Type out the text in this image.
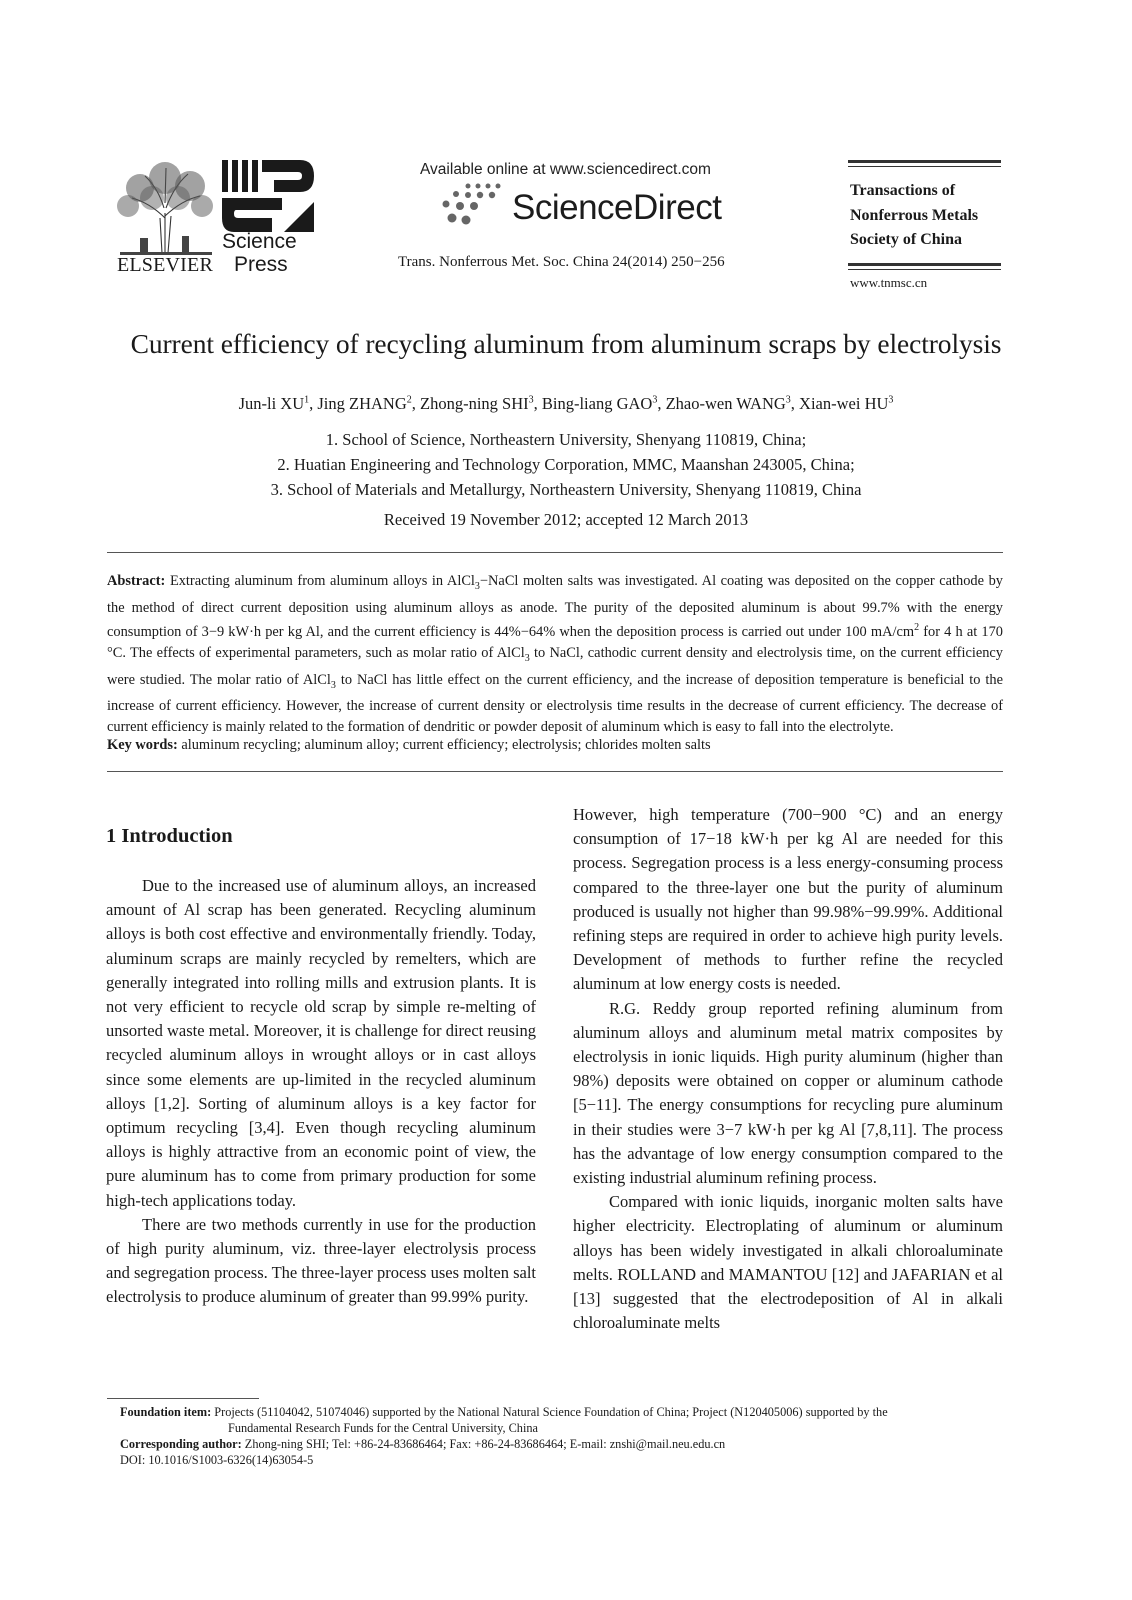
ELSEVIER
Science
Press
Available online at www.sciencedirect.com
ScienceDirect
Trans. Nonferrous Met. Soc. China 24(2014) 250−256
Transactions of
Nonferrous Metals
Society of China
www.tnmsc.cn
Current efficiency of recycling aluminum from aluminum scraps by electrolysis
Jun-li $XU^1$, Jing ZHANG$^2$, Zhong-ning SHI$^3$, Bing-liang GAO$^3$, Zhao-wen WANG$^3$, Xian-wei $HU^3$
1. School of Science, Northeastern University, Shenyang 110819, China;
2. Huatian Engineering and Technology Corporation, MMC, Maanshan 243005, China;
3. School of Materials and Metallurgy, Northeastern University, Shenyang 110819, China
Received 19 November 2012; accepted 12 March 2013
Abstract: Extracting aluminum from aluminum alloys in AlCl$_3$−NaCl molten salts was investigated. Al coating was deposited on the copper cathode by the method of direct current deposition using aluminum alloys as anode. The purity of the deposited aluminum is about 99.7% with the energy consumption of 3−9 kW·h per kg Al, and the current efficiency is 44%−64% when the deposition process is carried out under 100 $mA/cm^2$ for 4 h at 170 °C. The effects of experimental parameters, such as molar ratio of AlCl$_3$ to NaCl, cathodic current density and electrolysis time, on the current efficiency were studied. The molar ratio of AlCl$_3$ to NaCl has little effect on the current efficiency, and the increase of deposition temperature is beneficial to the increase of current efficiency. However, the increase of current density or electrolysis time results in the decrease of current efficiency. The decrease of current efficiency is mainly related to the formation of dendritic or powder deposit of aluminum which is easy to fall into the electrolyte.
Key words: aluminum recycling; aluminum alloy; current efficiency; electrolysis; chlorides molten salts
1 Introduction

Due to the increased use of aluminum alloys, an increased amount of Al scrap has been generated. Recycling aluminum alloys is both cost effective and environmentally friendly. Today, aluminum scraps are mainly recycled by remelters, which are generally integrated into rolling mills and extrusion plants. It is not very efficient to recycle old scrap by simple re-melting of unsorted waste metal. Moreover, it is challenge for direct reusing recycled aluminum alloys in wrought alloys or in cast alloys since some elements are up-limited in the recycled aluminum alloys [1,2]. Sorting of aluminum alloys is a key factor for optimum recycling [3,4]. Even though recycling aluminum alloys is highly attractive from an economic point of view, the pure aluminum has to come from primary production for some high-tech applications today.

There are two methods currently in use for the production of high purity aluminum, viz. three-layer electrolysis process and segregation process. The three-layer process uses molten salt electrolysis to produce aluminum of greater than 99.99% purity.

However, high temperature (700−900 °C) and an energy consumption of 17−18 kW·h per kg Al are needed for this process. Segregation process is a less energy-consuming process compared to the three-layer one but the purity of aluminum produced is usually not higher than 99.98%−99.99%. Additional refining steps are required in order to achieve high purity levels. Development of methods to further refine the recycled aluminum at low energy costs is needed.

R.G. Reddy group reported refining aluminum from aluminum alloys and aluminum metal matrix composites by electrolysis in ionic liquids. High purity aluminum (higher than 98%) deposits were obtained on copper or aluminum cathode [5−11]. The energy consumptions for recycling pure aluminum in their studies were 3−7 kW·h per kg Al [7,8,11]. The process has the advantage of low energy consumption compared to the existing industrial aluminum refining process.

Compared with ionic liquids, inorganic molten salts have higher electricity. Electroplating of aluminum or aluminum alloys has been widely investigated in alkali chloroaluminate melts. ROLLAND and MAMANTOU [12] and JAFARIAN et al [13] suggested that the electrodeposition of Al in alkali chloroaluminate melts

Foundation item: Projects (51104042, 51074046) supported by the National Natural Science Foundation of China; Project (N120405006) supported by the
Fundamental Research Funds for the Central University, China
Corresponding author: Zhong-ning SHI; Tel: +86-24-83686464; Fax: +86-24-83686464; E-mail: znshi@mail.neu.edu.cn
DOI: 10.1016/S1003-6326(14)63054-5
